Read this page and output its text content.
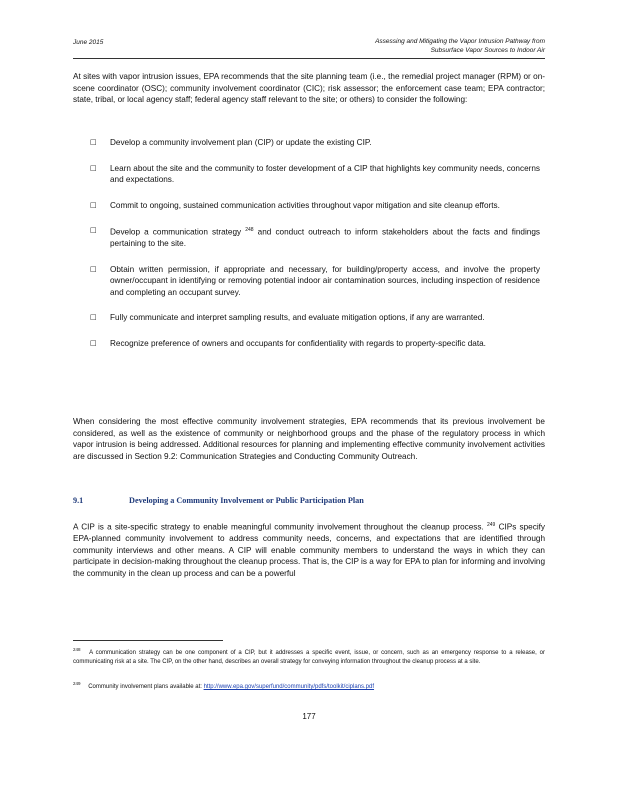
June 2015	Assessing and Mitigating the Vapor Intrusion Pathway from
Subsurface Vapor Sources to Indoor Air
At sites with vapor intrusion issues, EPA recommends that the site planning team (i.e., the remedial project manager (RPM) or on-scene coordinator (OSC); community involvement coordinator (CIC); risk assessor; the enforcement case team; EPA contractor; state, tribal, or local agency staff; federal agency staff relevant to the site; or others) to consider the following:
□ Develop a community involvement plan (CIP) or update the existing CIP.
□ Learn about the site and the community to foster development of a CIP that highlights key community needs, concerns and expectations.
□ Commit to ongoing, sustained communication activities throughout vapor mitigation and site cleanup efforts.
□ Develop a communication strategy $^{248}$ and conduct outreach to inform stakeholders about the facts and findings pertaining to the site.
□ Obtain written permission, if appropriate and necessary, for building/property access, and involve the property owner/occupant in identifying or removing potential indoor air contamination sources, including inspection of residence and completing an occupant survey.
□ Fully communicate and interpret sampling results, and evaluate mitigation options, if any are warranted.
□ Recognize preference of owners and occupants for confidentiality with regards to property-specific data.
When considering the most effective community involvement strategies, EPA recommends that its previous involvement be considered, as well as the existence of community or neighborhood groups and the phase of the regulatory process in which vapor intrusion is being addressed. Additional resources for planning and implementing effective community involvement activities are discussed in Section 9.2: Communication Strategies and Conducting Community Outreach.
9.1	Developing a Community Involvement or Public Participation Plan
A CIP is a site-specific strategy to enable meaningful community involvement throughout the cleanup process. $^{249}$ CIPs specify EPA-planned community involvement to address community needs, concerns, and expectations that are identified through community interviews and other means. A CIP will enable community members to understand the ways in which they can participate in decision-making throughout the cleanup process. That is, the CIP is a way for EPA to plan for informing and involving the community in the clean up process and can be a powerful
$^{248}$ A communication strategy can be one component of a CIP, but it addresses a specific event, issue, or concern, such as an emergency response to a release, or communicating risk at a site. The CIP, on the other hand, describes an overall strategy for conveying information throughout the cleanup process at a site.
$^{249}$ Community involvement plans available at: http://www.epa.gov/superfund/community/pdfs/toolkit/ciplans.pdf
177
